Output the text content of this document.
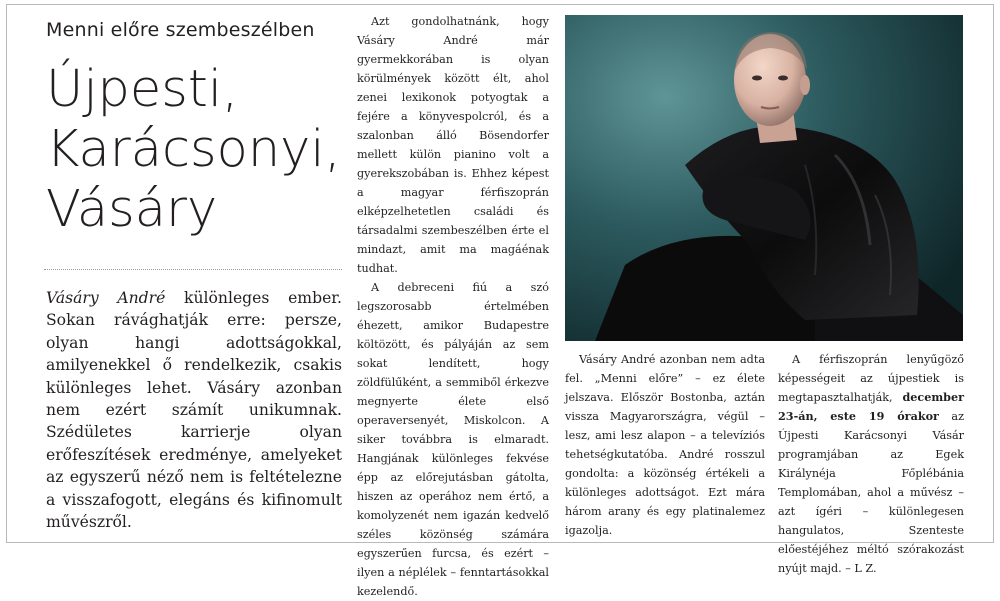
Menni előre szembeszélben

Újpesti,
Karácsonyi,
Vásáry

Vásáry André különleges ember. Sokan rávághatják erre: persze, olyan hangi adottságokkal, amilyenekkel ő rendelkezik, csakis különleges lehet. Vásáry azonban nem ezért számít unikumnak. Szédületes karrierje olyan erőfeszítések eredménye, amelyeket az egyszerű néző nem is feltételezne a visszafogott, elegáns és kifinomult művészről.

Azt gondolhatnánk, hogy Vásáry André már gyermekkorában is olyan körülmények között élt, ahol zenei lexikonok potyogtak a fejére a könyvespolcról, és a szalonban álló Bösendorfer mellett külön pianino volt a gyerekszobában is. Ehhez képest a magyar férfiszoprán elképzelhetetlen családi és társadalmi szembeszélben érte el mindazt, amit ma magáénak tudhat.

A debreceni fiú a szó legszorosabb értelmében éhezett, amikor Budapestre költözött, és pályáján az sem sokat lendített, hogy zöldfülűként, a semmiből érkezve megnyerte élete első operaversenyét, Miskolcon. A siker továbbra is elmaradt. Hangjának különleges fekvése épp az előrejutásban gátolta, hiszen az operához nem értő, a komolyzenét nem igazán kedvelő széles közönség számára egyszerűen furcsa, és ezért – ilyen a néplélek – fenntartásokkal kezelendő.

Vásáry André azonban nem adta fel. „Menni előre” – ez élete jelszava. Először Bostonba, aztán vissza Magyarországra, végül – lesz, ami lesz alapon – a televíziós tehetségkutatóba. André rosszul gondolta: a közönség értékeli a különleges adottságot. Ezt mára három arany és egy platinalemez igazolja.

A férfiszoprán lenyűgöző képességeit az újpestiek is megtapasztalhatják, december 23-án, este 19 órakor az Újpesti Karácsonyi Vásár programjában az Egek Királynéja Főplébánia Templomában, ahol a művész – azt ígéri – különlegesen hangulatos, Szenteste előestéjéhez méltó szórakozást nyújt majd. – L Z.
